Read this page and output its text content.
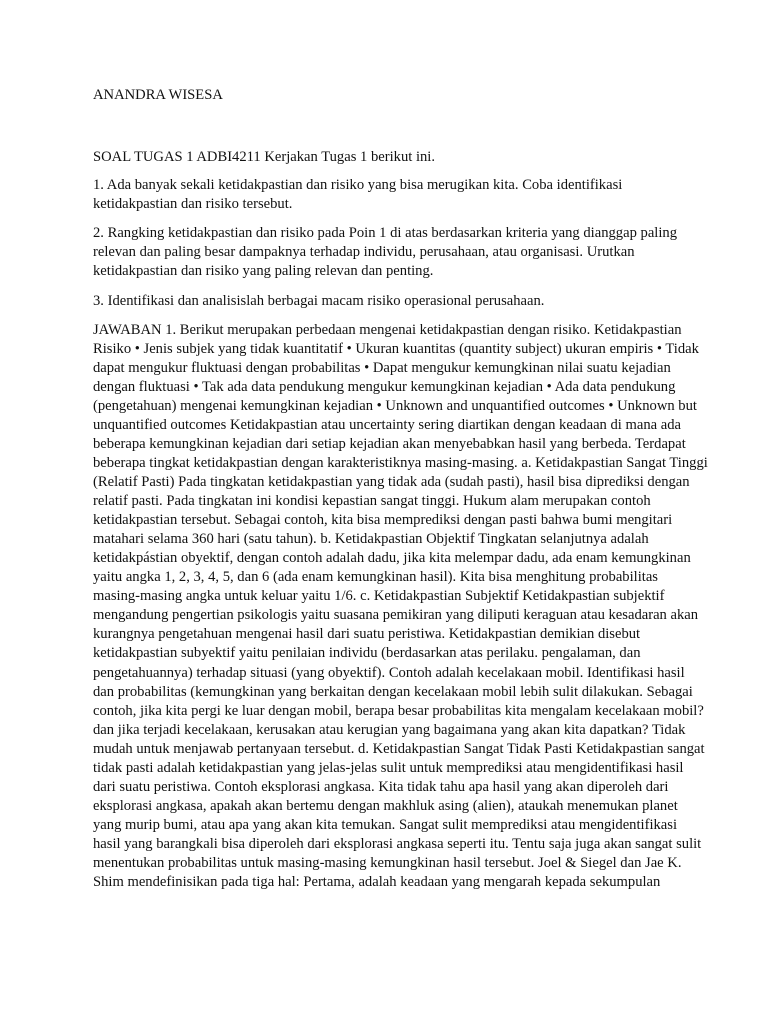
ANANDRA WISESA

SOAL TUGAS 1 ADBI4211 Kerjakan Tugas 1 berikut ini.

1. Ada banyak sekali ketidakpastian dan risiko yang bisa merugikan kita. Coba identifikasi ketidakpastian dan risiko tersebut.

2. Rangking ketidakpastian dan risiko pada Poin 1 di atas berdasarkan kriteria yang dianggap paling relevan dan paling besar dampaknya terhadap individu, perusahaan, atau organisasi. Urutkan ketidakpastian dan risiko yang paling relevan dan penting.

3. Identifikasi dan analisislah berbagai macam risiko operasional perusahaan.

JAWABAN 1. Berikut merupakan perbedaan mengenai ketidakpastian dengan risiko. Ketidakpastian Risiko • Jenis subjek yang tidak kuantitatif • Ukuran kuantitas (quantity subject) ukuran empiris • Tidak dapat mengukur fluktuasi dengan probabilitas • Dapat mengukur kemungkinan nilai suatu kejadian dengan fluktuasi • Tak ada data pendukung mengukur kemungkinan kejadian • Ada data pendukung (pengetahuan) mengenai kemungkinan kejadian • Unknown and unquantified outcomes • Unknown but unquantified outcomes Ketidakpastian atau uncertainty sering diartikan dengan keadaan di mana ada beberapa kemungkinan kejadian dari setiap kejadian akan menyebabkan hasil yang berbeda. Terdapat beberapa tingkat ketidakpastian dengan karakteristiknya masing-masing. a. Ketidakpastian Sangat Tinggi (Relatif Pasti) Pada tingkatan ketidakpastian yang tidak ada (sudah pasti), hasil bisa diprediksi dengan relatif pasti. Pada tingkatan ini kondisi kepastian sangat tinggi. Hukum alam merupakan contoh ketidakpastian tersebut. Sebagai contoh, kita bisa memprediksi dengan pasti bahwa bumi mengitari matahari selama 360 hari (satu tahun). b. Ketidakpastian Objektif Tingkatan selanjutnya adalah ketidakpástian obyektif, dengan contoh adalah dadu, jika kita melempar dadu, ada enam kemungkinan yaitu angka 1, 2, 3, 4, 5, dan 6 (ada enam kemungkinan hasil). Kita bisa menghitung probabilitas masing-masing angka untuk keluar yaitu 1/6. c. Ketidakpastian Subjektif Ketidakpastian subjektif mengandung pengertian psikologis yaitu suasana pemikiran yang diliputi keraguan atau kesadaran akan kurangnya pengetahuan mengenai hasil dari suatu peristiwa. Ketidakpastian demikian disebut ketidakpastian subyektif yaitu penilaian individu (berdasarkan atas perilaku. pengalaman, dan pengetahuannya) terhadap situasi (yang obyektif). Contoh adalah kecelakaan mobil. Identifikasi hasil dan probabilitas (kemungkinan yang berkaitan dengan kecelakaan mobil lebih sulit dilakukan. Sebagai contoh, jika kita pergi ke luar dengan mobil, berapa besar probabilitas kita mengalam kecelakaan mobil? dan jika terjadi kecelakaan, kerusakan atau kerugian yang bagaimana yang akan kita dapatkan? Tidak mudah untuk menjawab pertanyaan tersebut. d. Ketidakpastian Sangat Tidak Pasti Ketidakpastian sangat tidak pasti adalah ketidakpastian yang jelas-jelas sulit untuk memprediksi atau mengidentifikasi hasil dari suatu peristiwa. Contoh eksplorasi angkasa. Kita tidak tahu apa hasil yang akan diperoleh dari eksplorasi angkasa, apakah akan bertemu dengan makhluk asing (alien), ataukah menemukan planet yang murip bumi, atau apa yang akan kita temukan. Sangat sulit memprediksi atau mengidentifikasi hasil yang barangkali bisa diperoleh dari eksplorasi angkasa seperti itu. Tentu saja juga akan sangat sulit menentukan probabilitas untuk masing-masing kemungkinan hasil tersebut. Joel & Siegel dan Jae K. Shim mendefinisikan pada tiga hal: Pertama, adalah keadaan yang mengarah kepada sekumpulan
